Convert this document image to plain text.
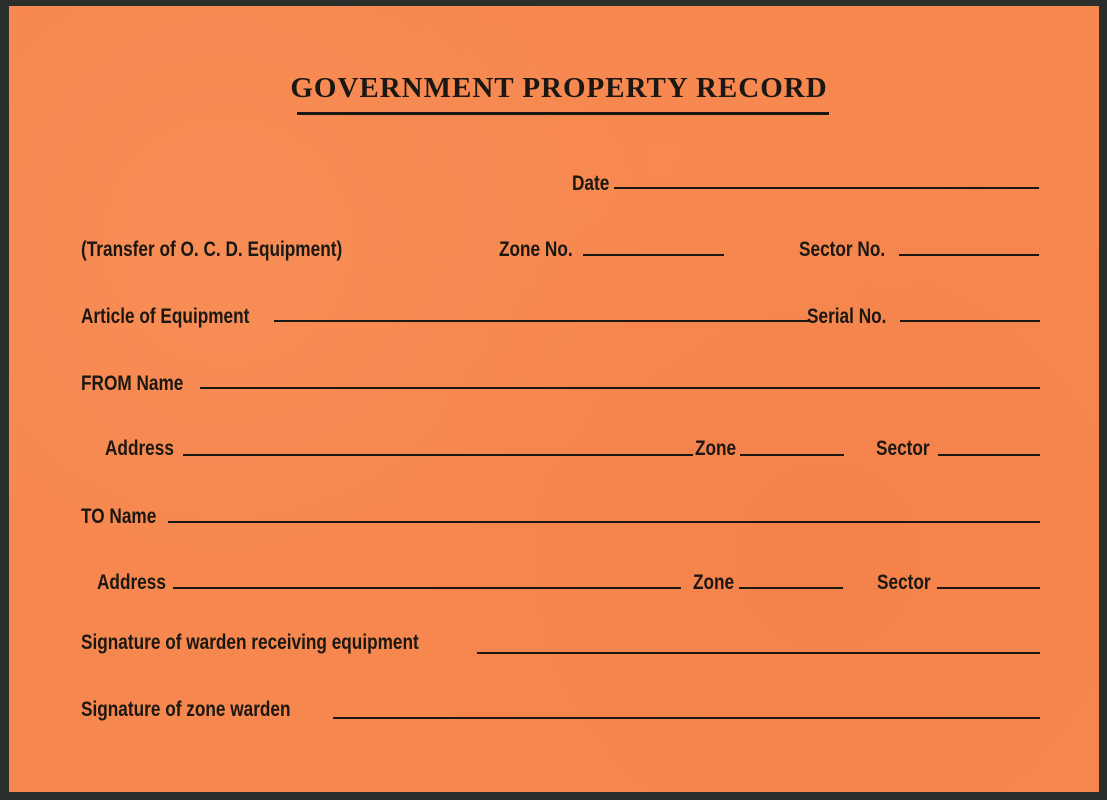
GOVERNMENT PROPERTY RECORD
Date
(Transfer of O. C. D. Equipment)	Zone No.	Sector No.
Article of Equipment	Serial No.
FROM Name
Address	Zone	Sector
TO Name
Address	Zone	Sector
Signature of warden receiving equipment
Signature of zone warden
